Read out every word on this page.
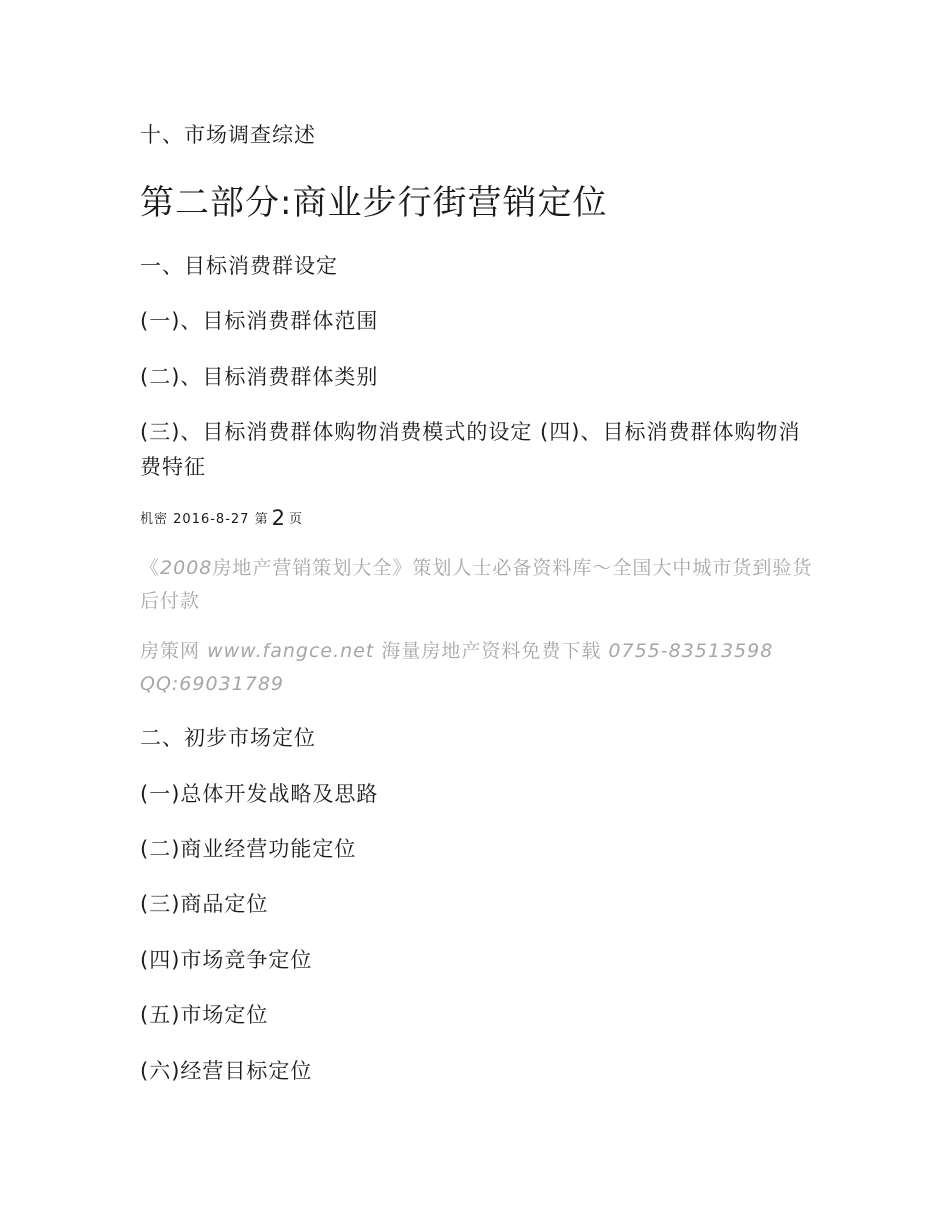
十、市场调查综述
第二部分:商业步行街营销定位
一、目标消费群设定
(一)、目标消费群体范围
(二)、目标消费群体类别
(三)、目标消费群体购物消费模式的设定 (四)、目标消费群体购物消费特征
机密 2016-8-27 第 2 页
《2008房地产营销策划大全》策划人士必备资料库～全国大中城市货到验货后付款
房策网 www.fangce.net 海量房地产资料免费下载 0755-83513598 QQ:69031789
二、初步市场定位
(一)总体开发战略及思路
(二)商业经营功能定位
(三)商品定位
(四)市场竞争定位
(五)市场定位
(六)经营目标定位
